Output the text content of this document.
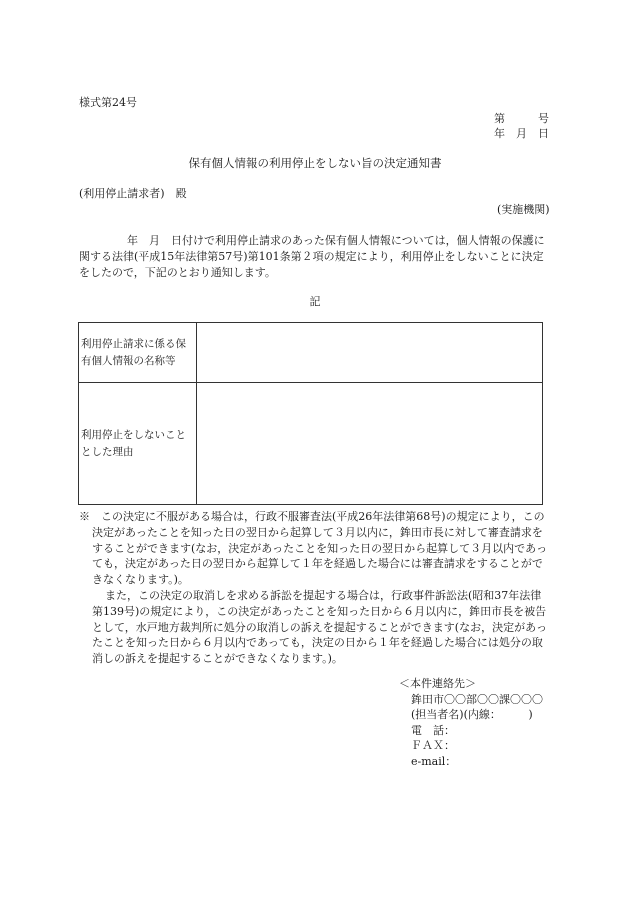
様式第24号
第　　　号
年　月　日
保有個人情報の利用停止をしない旨の決定通知書
(利用停止請求者)　殿
(実施機関)

年　月　日付けで利用停止請求のあった保有個人情報については，個人情報の保護に関する法律(平成15年法律第57号)第101条第２項の規定により，利用停止をしないことに決定をしたので，下記のとおり通知します。

記
利用停止請求に係る保有個人情報の名称等	
利用停止をしないこととした理由	

※　この決定に不服がある場合は，行政不服審査法(平成26年法律第68号)の規定により，この決定があったことを知った日の翌日から起算して３月以内に，鉾田市長に対して審査請求をすることができます(なお，決定があったことを知った日の翌日から起算して３月以内であっても，決定があった日の翌日から起算して１年を経過した場合には審査請求をすることができなくなります。)。

また，この決定の取消しを求める訴訟を提起する場合は，行政事件訴訟法(昭和37年法律第139号)の規定により，この決定があったことを知った日から６月以内に，鉾田市長を被告として，水戸地方裁判所に処分の取消しの訴えを提起することができます(なお，決定があったことを知った日から６月以内であっても，決定の日から１年を経過した場合には処分の取消しの訴えを提起することができなくなります。)。

＜本件連絡先＞
鉾田市〇〇部〇〇課〇〇〇
(担当者名)(内線：　　　)
電　話：
ＦＡＸ：
e-mail：
